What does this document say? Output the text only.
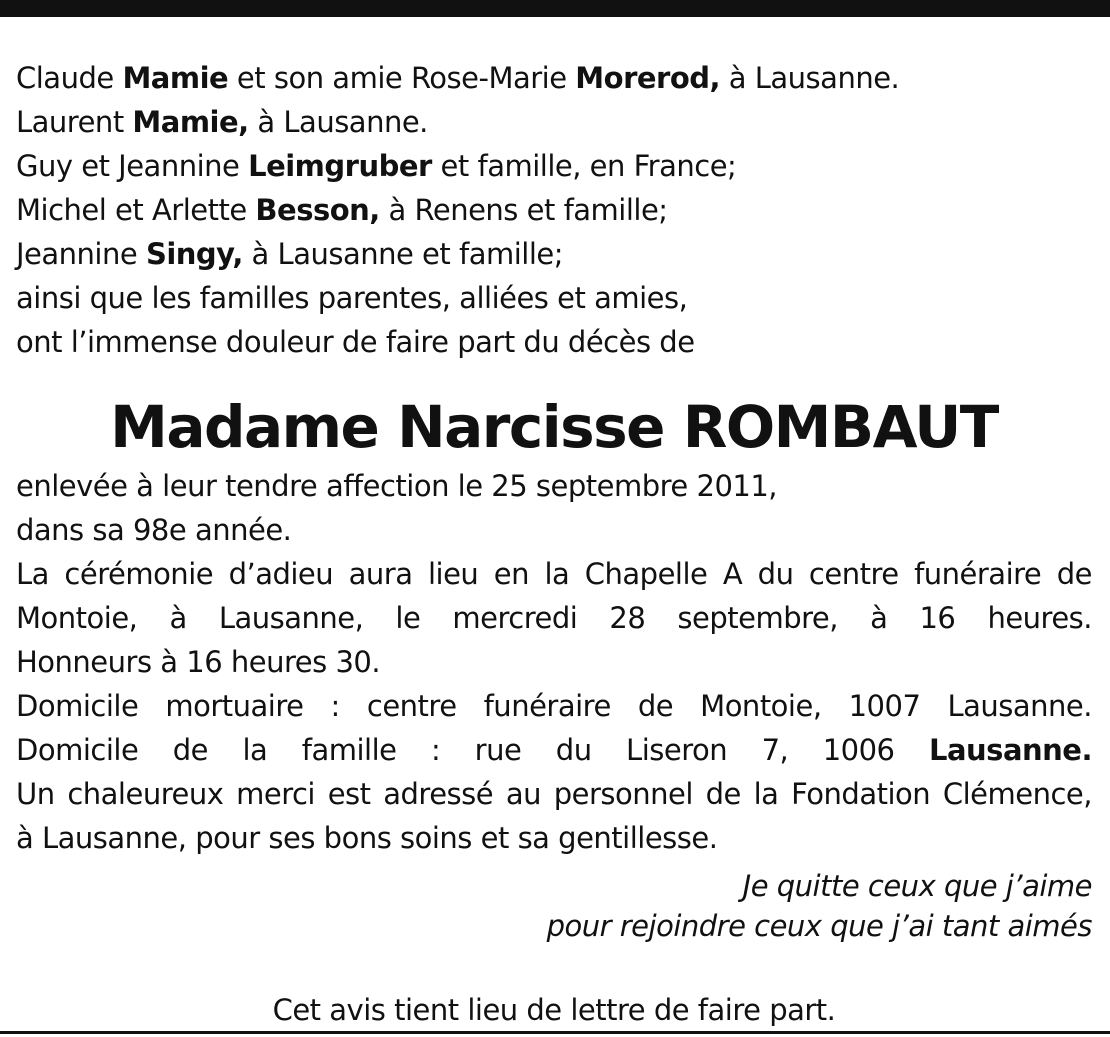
Claude Mamie et son amie Rose-Marie Morerod, à Lausanne.
Laurent Mamie, à Lausanne.
Guy et Jeannine Leimgruber et famille, en France;
Michel et Arlette Besson, à Renens et famille;
Jeannine Singy, à Lausanne et famille;
ainsi que les familles parentes, alliées et amies,
ont l’immense douleur de faire part du décès de
Madame Narcisse ROMBAUT
enlevée à leur tendre affection le 25 septembre 2011,
dans sa 98e année.
La cérémonie d’adieu aura lieu en la Chapelle A du centre funéraire de
Montoie, à Lausanne, le mercredi 28 septembre, à 16 heures.
Honneurs à 16 heures 30.
Domicile mortuaire : centre funéraire de Montoie, 1007 Lausanne.
Domicile de la famille : rue du Liseron 7, 1006 Lausanne.
Un chaleureux merci est adressé au personnel de la Fondation Clémence,
à Lausanne, pour ses bons soins et sa gentillesse.
Je quitte ceux que j’aime
pour rejoindre ceux que j’ai tant aimés
Cet avis tient lieu de lettre de faire part.
